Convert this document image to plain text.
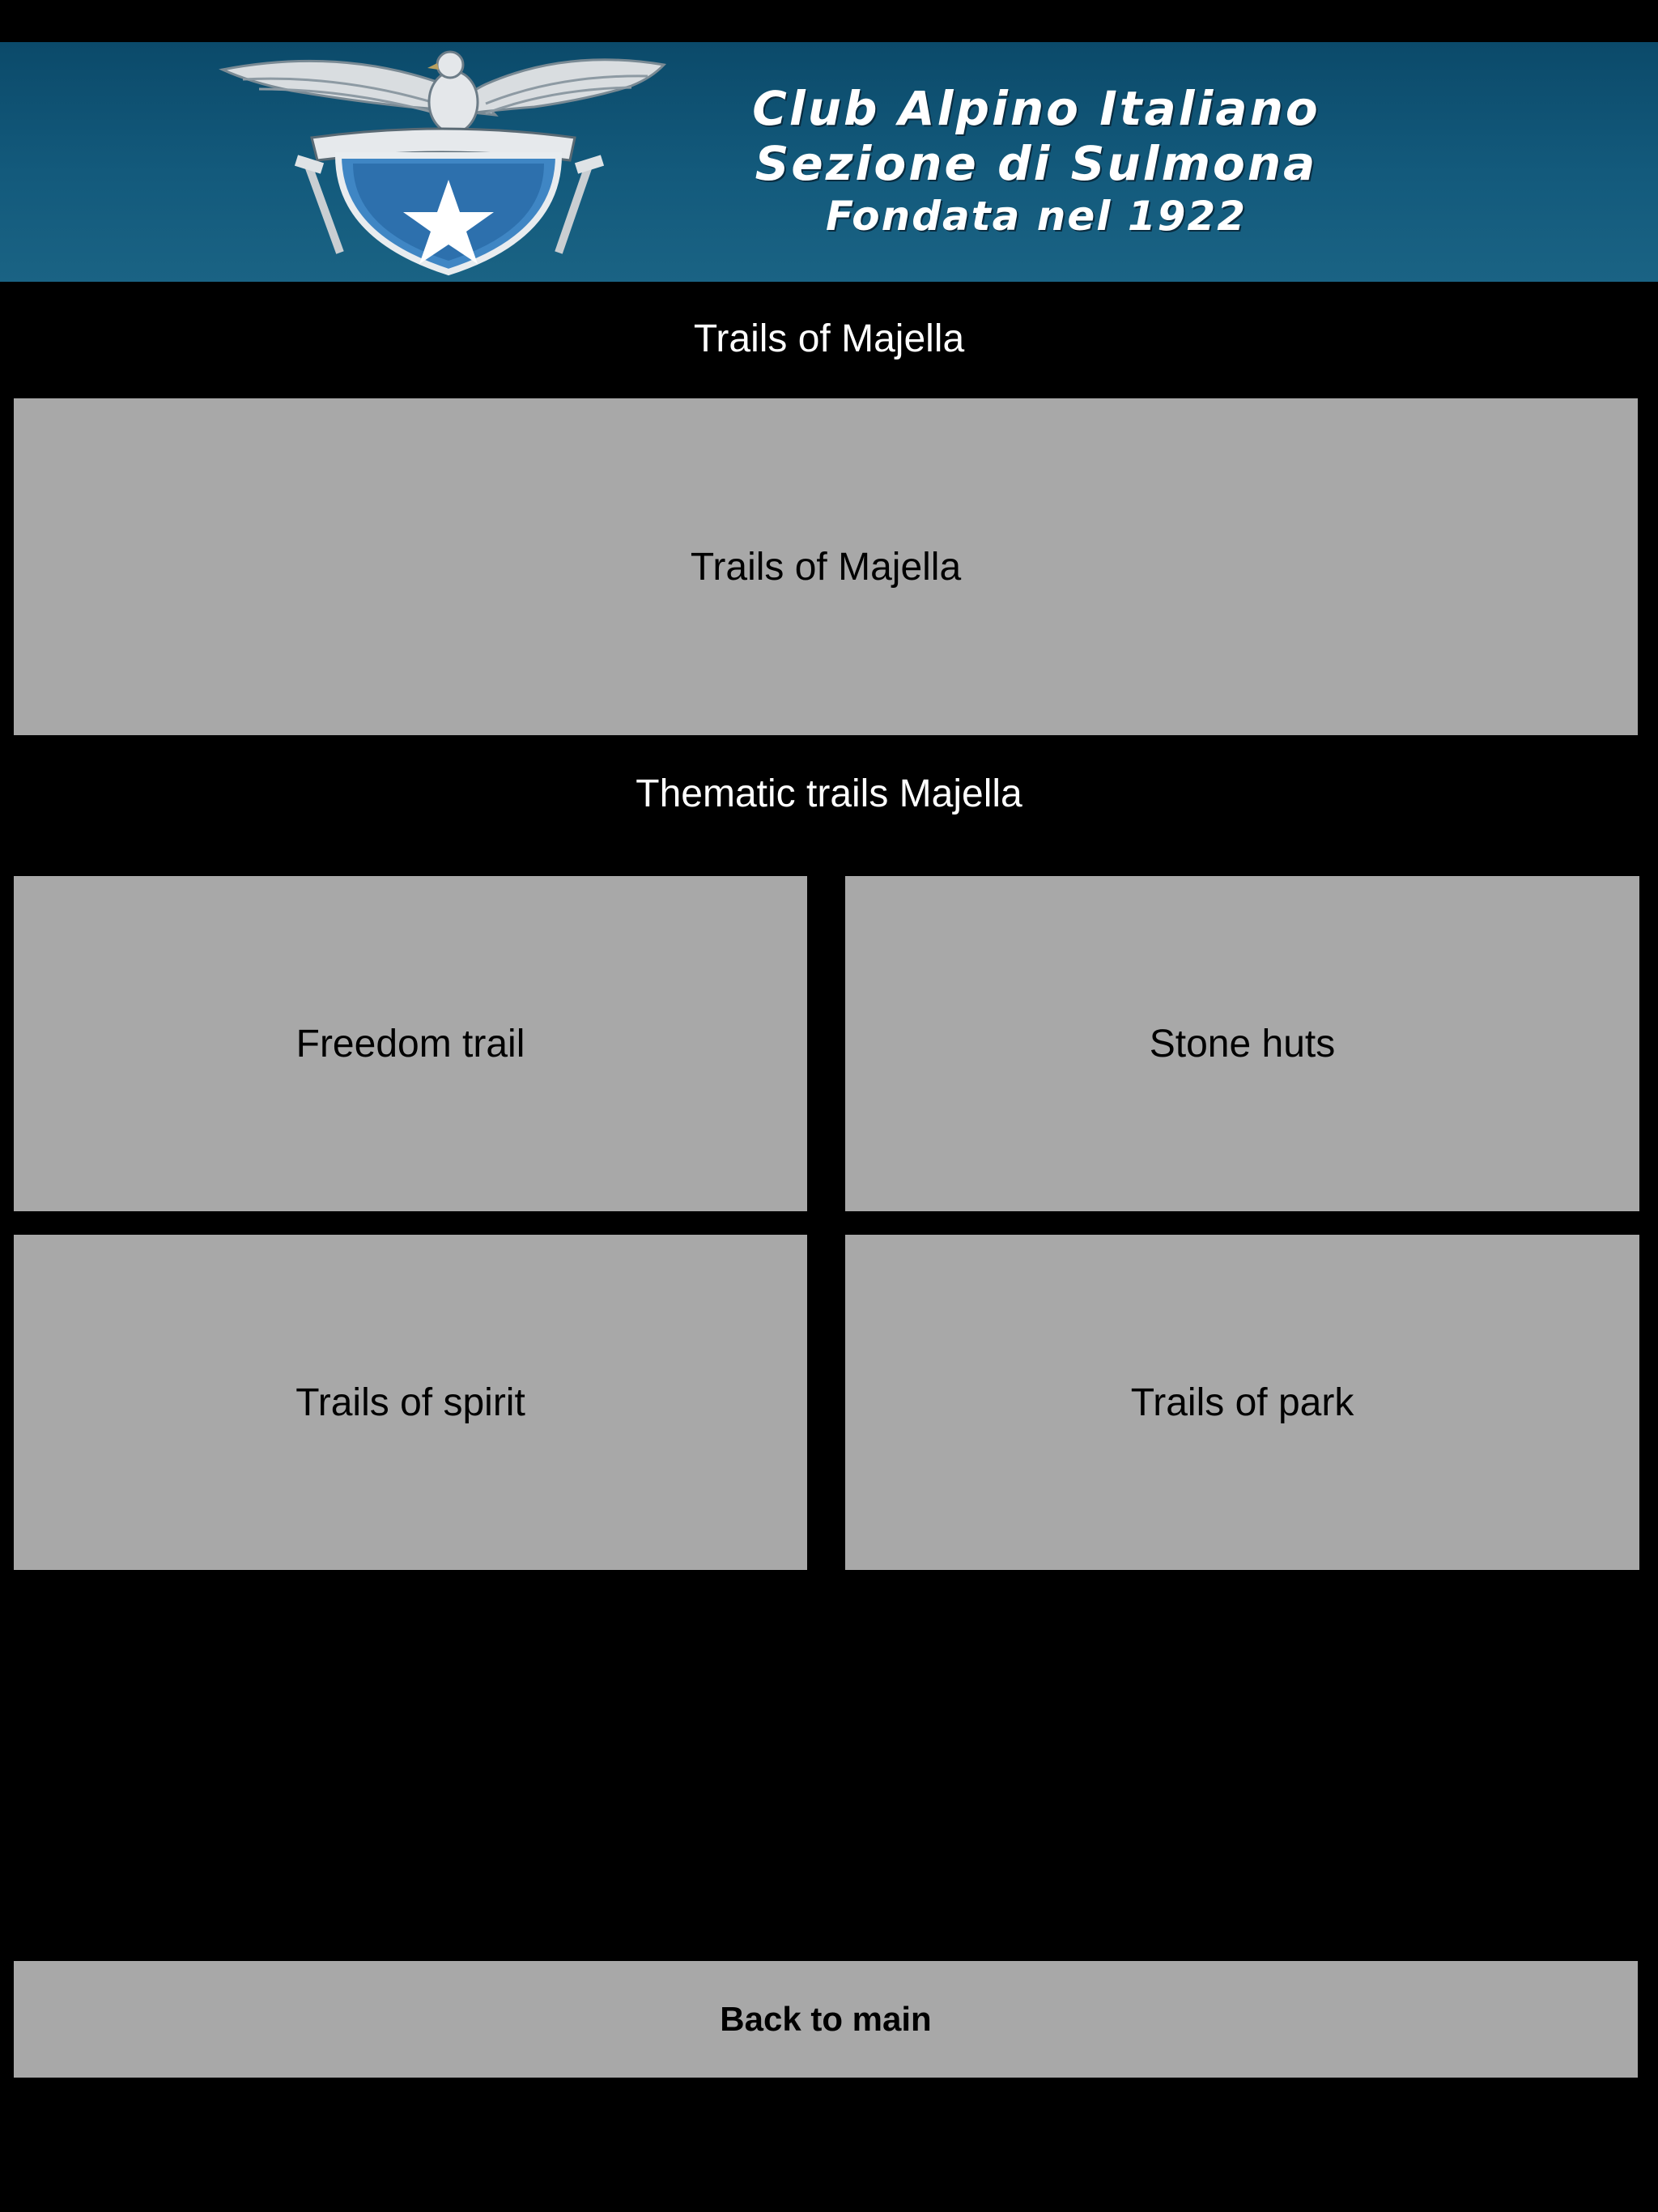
Club Alpino Italiano
Sezione di Sulmona
Fondata nel 1922
Trails of Majella
Trails of Majella
Thematic trails Majella
Freedom trail	Stone huts
Trails of spirit	Trails of park
Back to main
